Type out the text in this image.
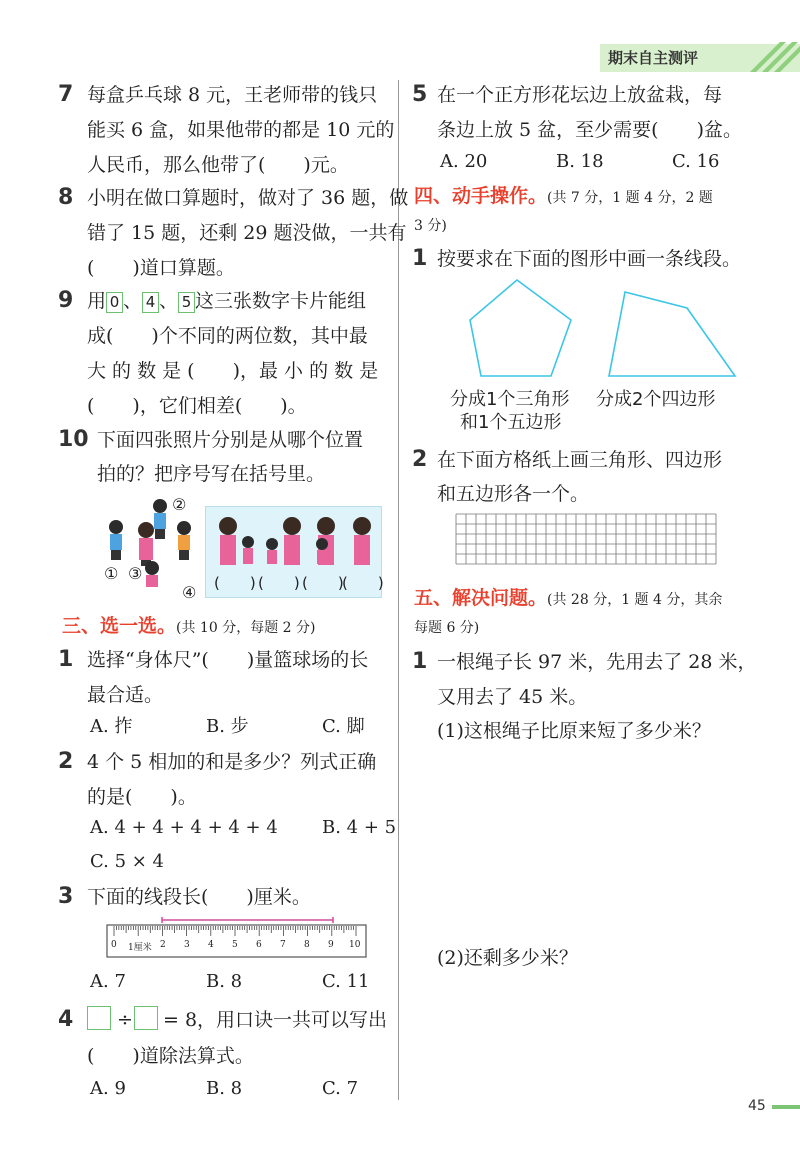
期末自主测评
7 每盒乒乓球 8 元，王老师带的钱只
能买 6 盒，如果他带的都是 10 元的
人民币，那么他带了(　　)元。
8 小明在做口算题时，做对了 36 题，做
错了 15 题，还剩 29 题没做，一共有
(　　)道口算题。
9 用 0 、 4 、 5 这三张数字卡片能组
成(　　)个不同的两位数，其中最
大 的 数 是 (　　)，最 小 的 数 是
(　　)，它们相差(　　)。
10 下面四张照片分别是从哪个位置
拍的？把序号写在括号里。
①
②
③
④ (　　) (　　) (　　)
(　　)
三、选一选。(共 10 分，每题 2 分)
1 选择“身体尺”(　　)量篮球场的长
最合适。
A. 拃	B. 步	C. 脚
2 4 个 5 相加的和是多少？列式正确
的是(　　)。
A. 4 + 4 + 4 + 4 + 4 B. 4 + 5
C. 5 × 4
3 下面的线段长(　　)厘米。
0 1厘米 2 3 4 5 6 7 8 9 10
A. 7	B. 8	C. 11
4 ÷ = 8，用口诀一共可以写出
(　　)道除法算式。
A. 9	B. 8	C. 7
5 在一个正方形花坛边上放盆栽，每
条边上放 5 盆，至少需要(　　)盆。
A. 20	B. 18	C. 16
四、动手操作。(共 7 分，1 题 4 分，2 题
3 分)
1 按要求在下面的图形中画一条线段。
分成1个三角形
和1个五边形
分成2个四边形
2 在下面方格纸上画三角形、四边形
和五边形各一个。
五、解决问题。(共 28 分，1 题 4 分，其余
每题 6 分)
1 一根绳子长 97 米，先用去了 28 米，
又用去了 45 米。
(1)这根绳子比原来短了多少米？
(2)还剩多少米？
45
